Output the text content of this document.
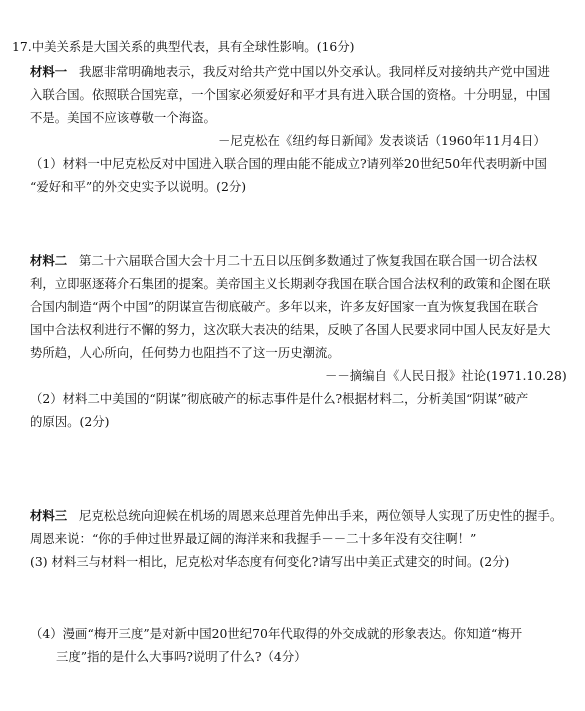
17.中美关系是大国关系的典型代表，具有全球性影响。(16分)
材料一 我愿非常明确地表示，我反对给共产党中国以外交承认。我同样反对接纳共产党中国进
入联合国。依照联合国宪章，一个国家必须爱好和平才具有进入联合国的资格。十分明显，中国
不是。美国不应该尊敬一个海盗。
－尼克松在《纽约每日新闻》发表谈话（1960年11月4日）
（1）材料一中尼克松反对中国进入联合国的理由能不能成立?请列举20世纪50年代表明新中国
“爱好和平”的外交史实予以说明。(2分)
材料二 第二十六届联合国大会十月二十五日以压倒多数通过了恢复我国在联合国一切合法权
利，立即驱逐蒋介石集团的提案。美帝国主义长期剥夺我国在联合国合法权利的政策和企图在联
合国内制造“两个中国”的阴谋宣告彻底破产。多年以来，许多友好国家一直为恢复我国在联合
国中合法权利进行不懈的努力，这次联大表决的结果，反映了各国人民要求同中国人民友好是大
势所趋，人心所向，任何势力也阻挡不了这一历史潮流。
－－摘编自《人民日报》社论(1971.10.28)
（2）材料二中美国的“阴谋”彻底破产的标志事件是什么?根据材料二，分析美国“阴谋”破产
的原因。(2分)
材料三 尼克松总统向迎候在机场的周恩来总理首先伸出手来，两位领导人实现了历史性的握手。
周恩来说：“你的手伸过世界最辽阔的海洋来和我握手－－二十多年没有交往啊！”
(3) 材料三与材料一相比，尼克松对华态度有何变化?请写出中美正式建交的时间。(2分)
（4）漫画“梅开三度”是对新中国20世纪70年代取得的外交成就的形象表达。你知道“梅开
三度”指的是什么大事吗?说明了什么?（4分）
